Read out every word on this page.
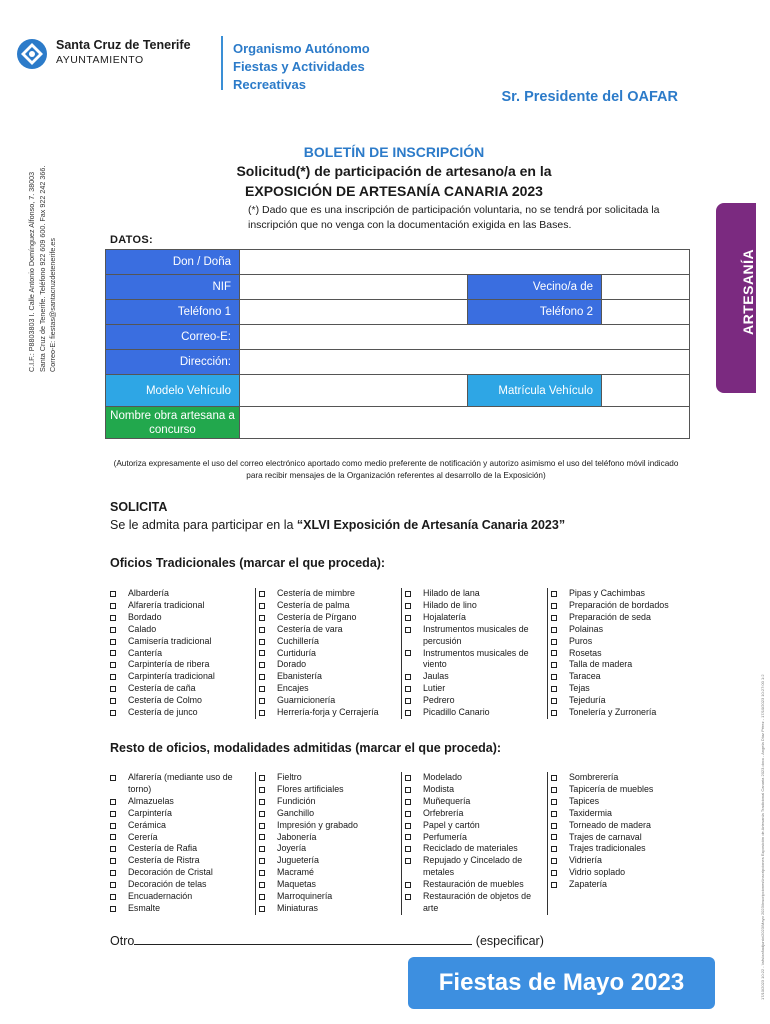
Santa Cruz de Tenerife
AYUNTAMIENTO
Organismo Autónomo
Fiestas y Actividades
Recreativas
Sr. Presidente del OAFAR
C.I.F.: P8803803 I. Calle Antonio Domínguez Alfonso, 7. 38003 Santa Cruz de Tenerife. Teléfono 922 609 600. Fax 922 242 366. Correo-E: fiestas@santacruzdetenerife.es	ARTESANÍA
17/10/2023 10:22 - \\sfs\oaf\adjunto\2023\Mayo 2023\Inscripciones\Inscripciones Exposición de Artesanía Tradicional Canaria 2023.docx - Angela Díaz Pérez - 17/10/2023 10:27:00 1:2
BOLETÍN DE INSCRIPCIÓN
Solicitud(*) de participación de artesano/a en la
EXPOSICIÓN DE ARTESANÍA CANARIA 2023
(*) Dado que es una inscripción de participación voluntaria, no se tendrá por solicitada la inscripción que no venga con la documentación exigida en las Bases.
DATOS:
Don / Doña			
NIF		Vecino/a de	
Teléfono 1		Teléfono 2	
Correo-E:			
Dirección:			
Modelo Vehículo		Matrícula Vehículo	
Nombre obra artesana a concurso			
(Autoriza expresamente el uso del correo electrónico aportado como medio preferente de notificación y autorizo asimismo el uso del teléfono móvil indicado para recibir mensajes de la Organización referentes al desarrollo de la Exposición)
SOLICITA
Se le admita para participar en la “XLVI Exposición de Artesanía Canaria 2023”
Oficios Tradicionales (marcar el que proceda):
Albardería
Alfarería tradicional
Bordado
Calado
Camisería tradicional
Cantería
Carpintería de ribera
Carpintería tradicional
Cestería de caña
Cestería de Colmo
Cestería de junco
Cestería de mimbre
Cestería de palma
Cestería de Pírgano
Cestería de vara
Cuchillería
Curtiduría
Dorado
Ebanistería
Encajes
Guarnicionería
Herrería-forja y Cerrajería
Hilado de lana
Hilado de lino
Hojalatería
Instrumentos musicales de percusión
Instrumentos musicales de viento
Jaulas
Lutier
Pedrero
Picadillo Canario
Pipas y Cachimbas
Preparación de bordados
Preparación de seda
Polainas
Puros
Rosetas
Talla de madera
Taracea
Tejas
Tejeduría
Tonelería y Zurronería
Resto de oficios, modalidades admitidas (marcar el que proceda):
Alfarería (mediante uso de torno)
Almazuelas
Carpintería
Cerámica
Cerería
Cestería de Rafia
Cestería de Ristra
Decoración de Cristal
Decoración de telas
Encuadernación
Esmalte
Fieltro
Flores artificiales
Fundición
Ganchillo
Impresión y grabado
Jabonería
Joyería
Juguetería
Macramé
Maquetas
Marroquinería
Miniaturas
Modelado
Modista
Muñequería
Orfebrería
Papel y cartón
Perfumería
Reciclado de materiales
Repujado y Cincelado de metales
Restauración de muebles
Restauración de objetos de arte
Sombrerería
Tapicería de muebles
Tapices
Taxidermia
Torneado de madera
Trajes de carnaval
Trajes tradicionales
Vidriería
Vidrio soplado
Zapatería
Otro	(especificar)
Fiestas de Mayo 2023
